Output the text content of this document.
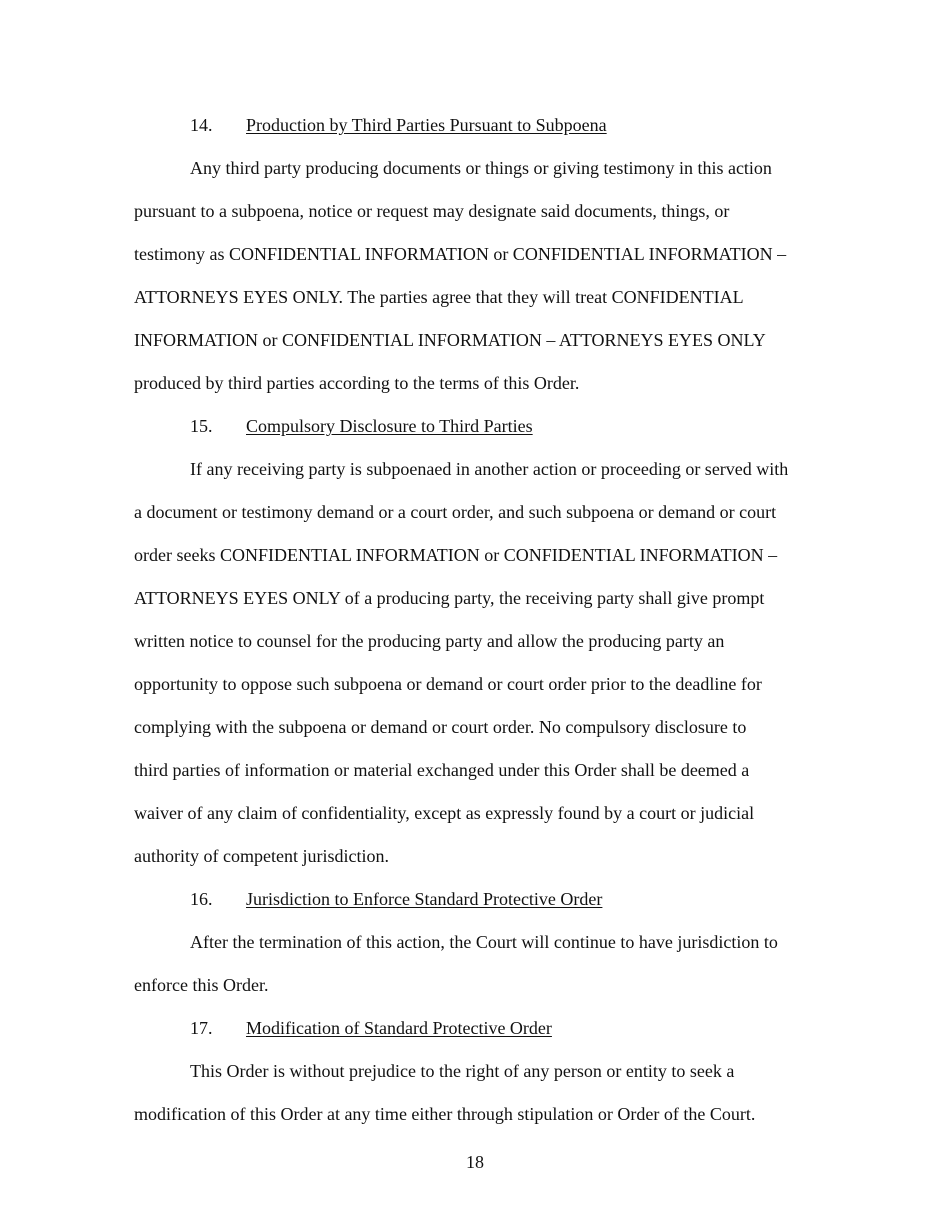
14. Production by Third Parties Pursuant to Subpoena

Any third party producing documents or things or giving testimony in this action
pursuant to a subpoena, notice or request may designate said documents, things, or
testimony as CONFIDENTIAL INFORMATION or CONFIDENTIAL INFORMATION –
ATTORNEYS EYES ONLY. The parties agree that they will treat CONFIDENTIAL
INFORMATION or CONFIDENTIAL INFORMATION – ATTORNEYS EYES ONLY
produced by third parties according to the terms of this Order.

15. Compulsory Disclosure to Third Parties

If any receiving party is subpoenaed in another action or proceeding or served with
a document or testimony demand or a court order, and such subpoena or demand or court
order seeks CONFIDENTIAL INFORMATION or CONFIDENTIAL INFORMATION –
ATTORNEYS EYES ONLY of a producing party, the receiving party shall give prompt
written notice to counsel for the producing party and allow the producing party an
opportunity to oppose such subpoena or demand or court order prior to the deadline for
complying with the subpoena or demand or court order. No compulsory disclosure to
third parties of information or material exchanged under this Order shall be deemed a
waiver of any claim of confidentiality, except as expressly found by a court or judicial
authority of competent jurisdiction.

16. Jurisdiction to Enforce Standard Protective Order

After the termination of this action, the Court will continue to have jurisdiction to
enforce this Order.

17. Modification of Standard Protective Order

This Order is without prejudice to the right of any person or entity to seek a
modification of this Order at any time either through stipulation or Order of the Court.

18
